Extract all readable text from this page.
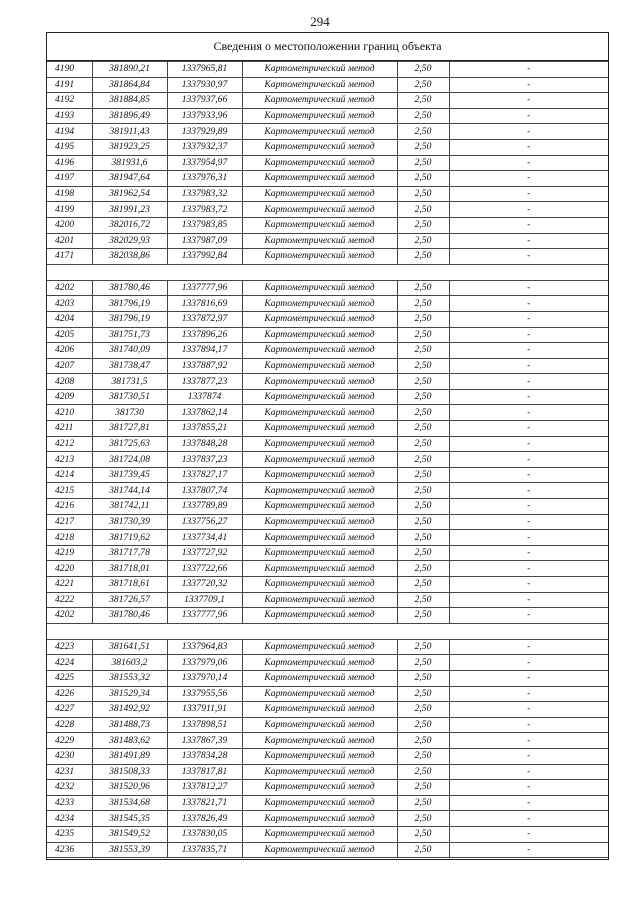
294
Сведения о местоположении границ объекта
4190	381890,21	1337965,81	Картометрический метод	2,50	-
4191	381864,84	1337930,97	Картометрический метод	2,50	-
4192	381884,85	1337937,66	Картометрический метод	2,50	-
4193	381896,49	1337933,96	Картометрический метод	2,50	-
4194	381911,43	1337929,89	Картометрический метод	2,50	-
4195	381923,25	1337932,37	Картометрический метод	2,50	-
4196	381931,6	1337954,97	Картометрический метод	2,50	-
4197	381947,64	1337976,31	Картометрический метод	2,50	-
4198	381962,54	1337983,32	Картометрический метод	2,50	-
4199	381991,23	1337983,72	Картометрический метод	2,50	-
4200	382016,72	1337983,85	Картометрический метод	2,50	-
4201	382029,93	1337987,09	Картометрический метод	2,50	-
4171	382038,86	1337992,84	Картометрический метод	2,50	-

4202	381780,46	1337777,96	Картометрический метод	2,50	-
4203	381796,19	1337816,69	Картометрический метод	2,50	-
4204	381796,19	1337872,97	Картометрический метод	2,50	-
4205	381751,73	1337896,26	Картометрический метод	2,50	-
4206	381740,09	1337894,17	Картометрический метод	2,50	-
4207	381738,47	1337887,92	Картометрический метод	2,50	-
4208	381731,5	1337877,23	Картометрический метод	2,50	-
4209	381730,51	1337874	Картометрический метод	2,50	-
4210	381730	1337862,14	Картометрический метод	2,50	-
4211	381727,81	1337855,21	Картометрический метод	2,50	-
4212	381725,63	1337848,28	Картометрический метод	2,50	-
4213	381724,08	1337837,23	Картометрический метод	2,50	-
4214	381739,45	1337827,17	Картометрический метод	2,50	-
4215	381744,14	1337807,74	Картометрический метод	2,50	-
4216	381742,11	1337789,89	Картометрический метод	2,50	-
4217	381730,39	1337756,27	Картометрический метод	2,50	-
4218	381719,62	1337734,41	Картометрический метод	2,50	-
4219	381717,78	1337727,92	Картометрический метод	2,50	-
4220	381718,01	1337722,66	Картометрический метод	2,50	-
4221	381718,61	1337720,32	Картометрический метод	2,50	-
4222	381726,57	1337709,1	Картометрический метод	2,50	-
4202	381780,46	1337777,96	Картометрический метод	2,50	-

4223	381641,51	1337964,83	Картометрический метод	2,50	-
4224	381603,2	1337979,06	Картометрический метод	2,50	-
4225	381553,32	1337970,14	Картометрический метод	2,50	-
4226	381529,34	1337955,56	Картометрический метод	2,50	-
4227	381492,92	1337911,91	Картометрический метод	2,50	-
4228	381488,73	1337898,51	Картометрический метод	2,50	-
4229	381483,62	1337867,39	Картометрический метод	2,50	-
4230	381491,89	1337834,28	Картометрический метод	2,50	-
4231	381508,33	1337817,81	Картометрический метод	2,50	-
4232	381520,96	1337812,27	Картометрический метод	2,50	-
4233	381534,68	1337821,71	Картометрический метод	2,50	-
4234	381545,35	1337826,49	Картометрический метод	2,50	-
4235	381549,52	1337830,05	Картометрический метод	2,50	-
4236	381553,39	1337835,71	Картометрический метод	2,50	-
